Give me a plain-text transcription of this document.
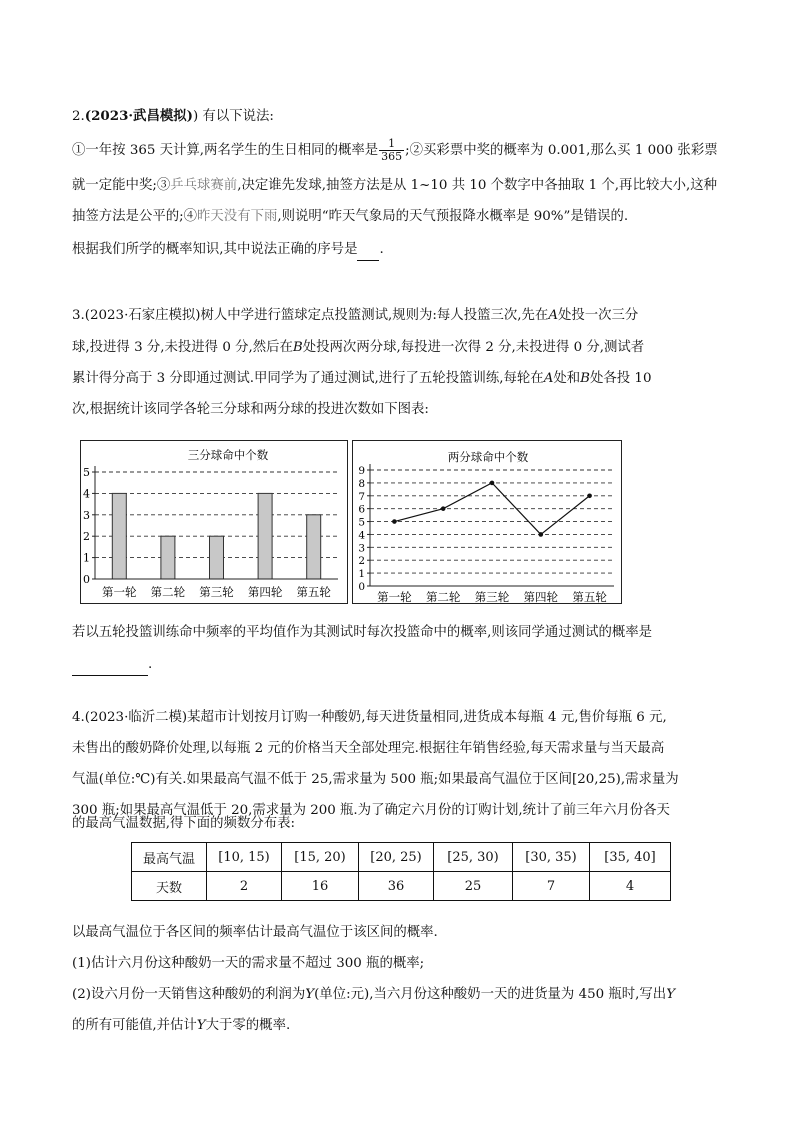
2.(2023·武昌模拟)) 有以下说法:
①一年按 365 天计算,两名学生的生日相同的概率是 $\frac{1}{365}$ ;②买彩票中奖的概率为 0.001,那么买 1 000 张彩票
就一定能中奖;③乒乓球赛前,决定谁先发球,抽签方法是从 1~10 共 10 个数字中各抽取 1 个,再比较大小,这种
抽签方法是公平的;④昨天没有下雨,则说明“昨天气象局的天气预报降水概率是 90%”是错误的.
根据我们所学的概率知识,其中说法正确的序号是 .
3.(2023·石家庄模拟)树人中学进行篮球定点投篮测试,规则为:每人投篮三次,先在A处投一次三分
球,投进得 3 分,未投进得 0 分,然后在B处投两次两分球,每投进一次得 2 分,未投进得 0 分,测试者
累计得分高于 3 分即通过测试.甲同学为了通过测试,进行了五轮投篮训练,每轮在A处和B处各投 10
次,根据统计该同学各轮三分球和两分球的投进次数如下图表:
三分球命中个数
0
1
2
3
4
5
第一轮 第二轮 第三轮 第四轮 第五轮
两分球命中个数
0
1
2
3
4
5
6
7
8
9
第一轮 第二轮 第三轮 第四轮 第五轮
若以五轮投篮训练命中频率的平均值作为其测试时每次投篮命中的概率,则该同学通过测试的概率是
.
4.(2023·临沂二模)某超市计划按月订购一种酸奶,每天进货量相同,进货成本每瓶 4 元,售价每瓶 6 元,
未售出的酸奶降价处理,以每瓶 2 元的价格当天全部处理完.根据往年销售经验,每天需求量与当天最高
气温(单位:℃)有关.如果最高气温不低于 25,需求量为 500 瓶;如果最高气温位于区间[20,25),需求量为
300 瓶;如果最高气温低于 20,需求量为 200 瓶.为了确定六月份的订购计划,统计了前三年六月份各天
的最高气温数据,得下面的频数分布表:
最高气温	[10, 15)	[15, 20)	[20, 25)	[25, 30)	[30, 35)	[35, 40]
天数	2	16	36	25	7	4
以最高气温位于各区间的频率估计最高气温位于该区间的概率.
(1)估计六月份这种酸奶一天的需求量不超过 300 瓶的概率;
(2)设六月份一天销售这种酸奶的利润为Y(单位:元),当六月份这种酸奶一天的进货量为 450 瓶时,写出Y
的所有可能值,并估计Y大于零的概率.
